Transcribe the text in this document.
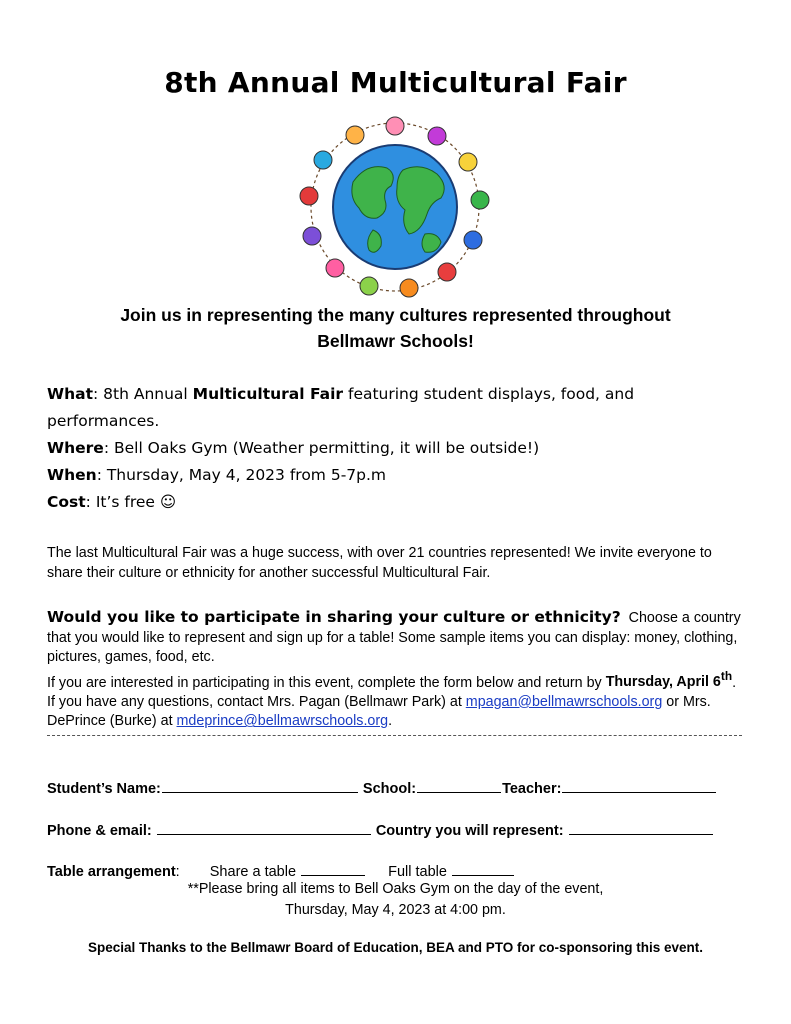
8th Annual Multicultural Fair
Join us in representing the many cultures represented throughout
Bellmawr Schools!

What: 8th Annual Multicultural Fair featuring student displays, food, and performances.

Where: Bell Oaks Gym (Weather permitting, it will be outside!)

When: Thursday, May 4, 2023 from 5-7p.m

Cost: It’s free ☺

The last Multicultural Fair was a huge success, with over 21 countries represented! We invite everyone to share their culture or ethnicity for another successful Multicultural Fair.
Would you like to participate in sharing your culture or ethnicity? Choose a country that you would like to represent and sign up for a table! Some sample items you can display: money, clothing, pictures, games, food, etc.
If you are interested in participating in this event, complete the form below and return by Thursday, April 6th. If you have any questions, contact Mrs. Pagan (Bellmawr Park) at mpagan@bellmawrschools.org or Mrs. DePrince (Burke) at mdeprince@bellmawrschools.org.
Student’s Name:	School:	Teacher:
Phone & email:	Country you will represent:
Table arrangement: Share a table	Full table
**Please bring all items to Bell Oaks Gym on the day of the event,
Thursday, May 4, 2023 at 4:00 pm.
Special Thanks to the Bellmawr Board of Education, BEA and PTO for co-sponsoring this event.
